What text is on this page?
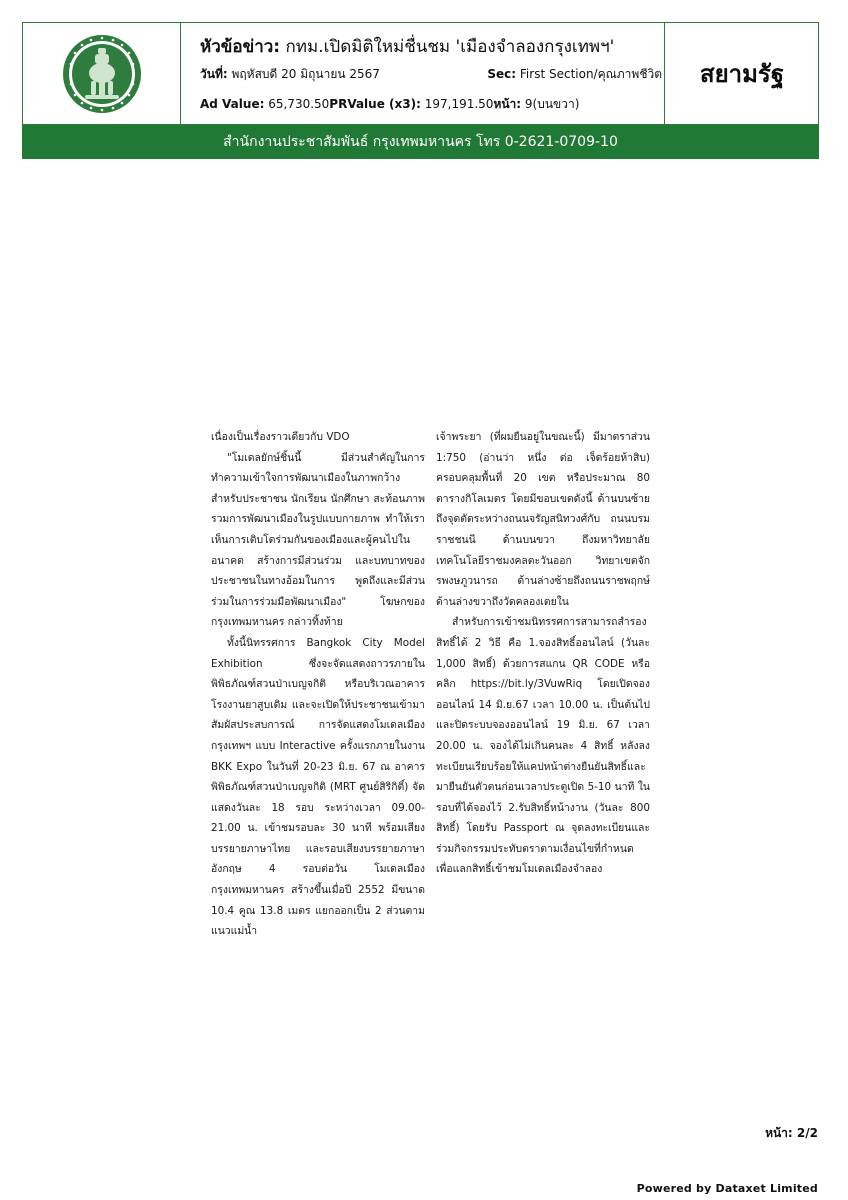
หัวข้อข่าว: กทม.เปิดมิติใหม่ชื่นชม 'เมืองจำลองกรุงเทพฯ'
วันที่: พฤหัสบดี 20 มิถุนายน 2567	Sec: First Section/คุณภาพชีวิต
Ad Value: 65,730.50PRValue (x3): 197,191.50หน้า: 9(บนขวา)
สยามรัฐ
สำนักงานประชาสัมพันธ์ กรุงเทพมหานคร โทร 0-2621-0709-10

เนื่องเป็นเรื่องราวเดียวกับ VDO

"โมเดลยักษ์ชิ้นนี้ มีส่วนสำคัญในการทำความเข้าใจการพัฒนาเมืองในภาพกว้าง สำหรับประชาชน นักเรียน นักศึกษา สะท้อนภาพรวมการพัฒนาเมืองในรูปแบบกายภาพ ทำให้เราเห็นการเติบโตร่วมกันของเมืองและผู้คนไปในอนาคต สร้างการมีส่วนร่วม และบทบาทของประชาชนในทางอ้อมในการ พูดถึงและมีส่วนร่วมในการร่วมมือพัฒนาเมือง" โฆษกของกรุงเทพมหานคร กล่าวทิ้งท้าย

ทั้งนี้นิทรรศการ Bangkok City Model Exhibition ซึ่งจะจัดแสดงถาวรภายในพิพิธภัณฑ์สวนป่าเบญจกิติ หรือบริเวณอาคารโรงงานยาสูบเดิม และจะเปิดให้ประชาชนเข้ามาสัมผัสประสบการณ์ การจัดแสดงโมเดลเมืองกรุงเทพฯ แบบ Interactive ครั้งแรกภายในงาน BKK Expo ในวันที่ 20-23 มิ.ย. 67 ณ อาคารพิพิธภัณฑ์สวนป่าเบญจกิติ (MRT ศูนย์สิริกิติ์) จัดแสดงวันละ 18 รอบ ระหว่างเวลา 09.00-21.00 น. เข้าชมรอบละ 30 นาที พร้อมเสียงบรรยายภาษาไทย และรอบเสียงบรรยายภาษาอังกฤษ 4 รอบต่อวัน โมเดลเมืองกรุงเทพมหานคร สร้างขึ้นเมื่อปี 2552 มีขนาด 10.4 คูณ 13.8 เมตร แยกออกเป็น 2 ส่วนตามแนวแม่น้ำ

เจ้าพระยา (ที่ผมยืนอยู่ในขณะนี้) มีมาตราส่วน 1:750 (อ่านว่า หนึ่ง ต่อ เจ็ดร้อยห้าสิบ) ครอบคลุมพื้นที่ 20 เขต หรือประมาณ 80 ตารางกิโลเมตร โดยมีขอบเขตดังนี้ ด้านบนซ้าย ถึงจุดตัดระหว่างถนนจรัญสนิทวงศ์กับ ถนนบรมราชชนนี ด้านบนขวา ถึงมหาวิทยาลัยเทคโนโลยีราชมงคลตะวันออก วิทยาเขตจักรพงษภูวนารถ ด้านล่างซ้ายถึงถนนราชพฤกษ์ ด้านล่างขวาถึงวัดคลองเตยใน

สำหรับการเข้าชมนิทรรศการสามารถสำรองสิทธิ์ได้ 2 วิธี คือ 1.จองสิทธิ์ออนไลน์ (วันละ 1,000 สิทธิ์) ด้วยการสแกน QR CODE หรือคลิก https://bit.ly/3VuwRiq โดยเปิดจองออนไลน์ 14 มิ.ย.67 เวลา 10.00 น. เป็นต้นไป และปิดระบบจองออนไลน์ 19 มิ.ย. 67 เวลา 20.00 น. จองได้ไม่เกินคนละ 4 สิทธิ์ หลังลงทะเบียนเรียบร้อยให้แคปหน้าต่างยืนยันสิทธิ์และมายืนยันตัวตนก่อนเวลาประตูเปิด 5-10 นาที ในรอบที่ได้จองไว้ 2.รับสิทธิ์หน้างาน (วันละ 800 สิทธิ์) โดยรับ Passport ณ จุดลงทะเบียนและร่วมกิจกรรมประทับตราตามเงื่อนไขที่กำหนดเพื่อแลกสิทธิ์เข้าชมโมเดลเมืองจำลอง

หน้า: 2/2
Powered by Dataxet Limited
